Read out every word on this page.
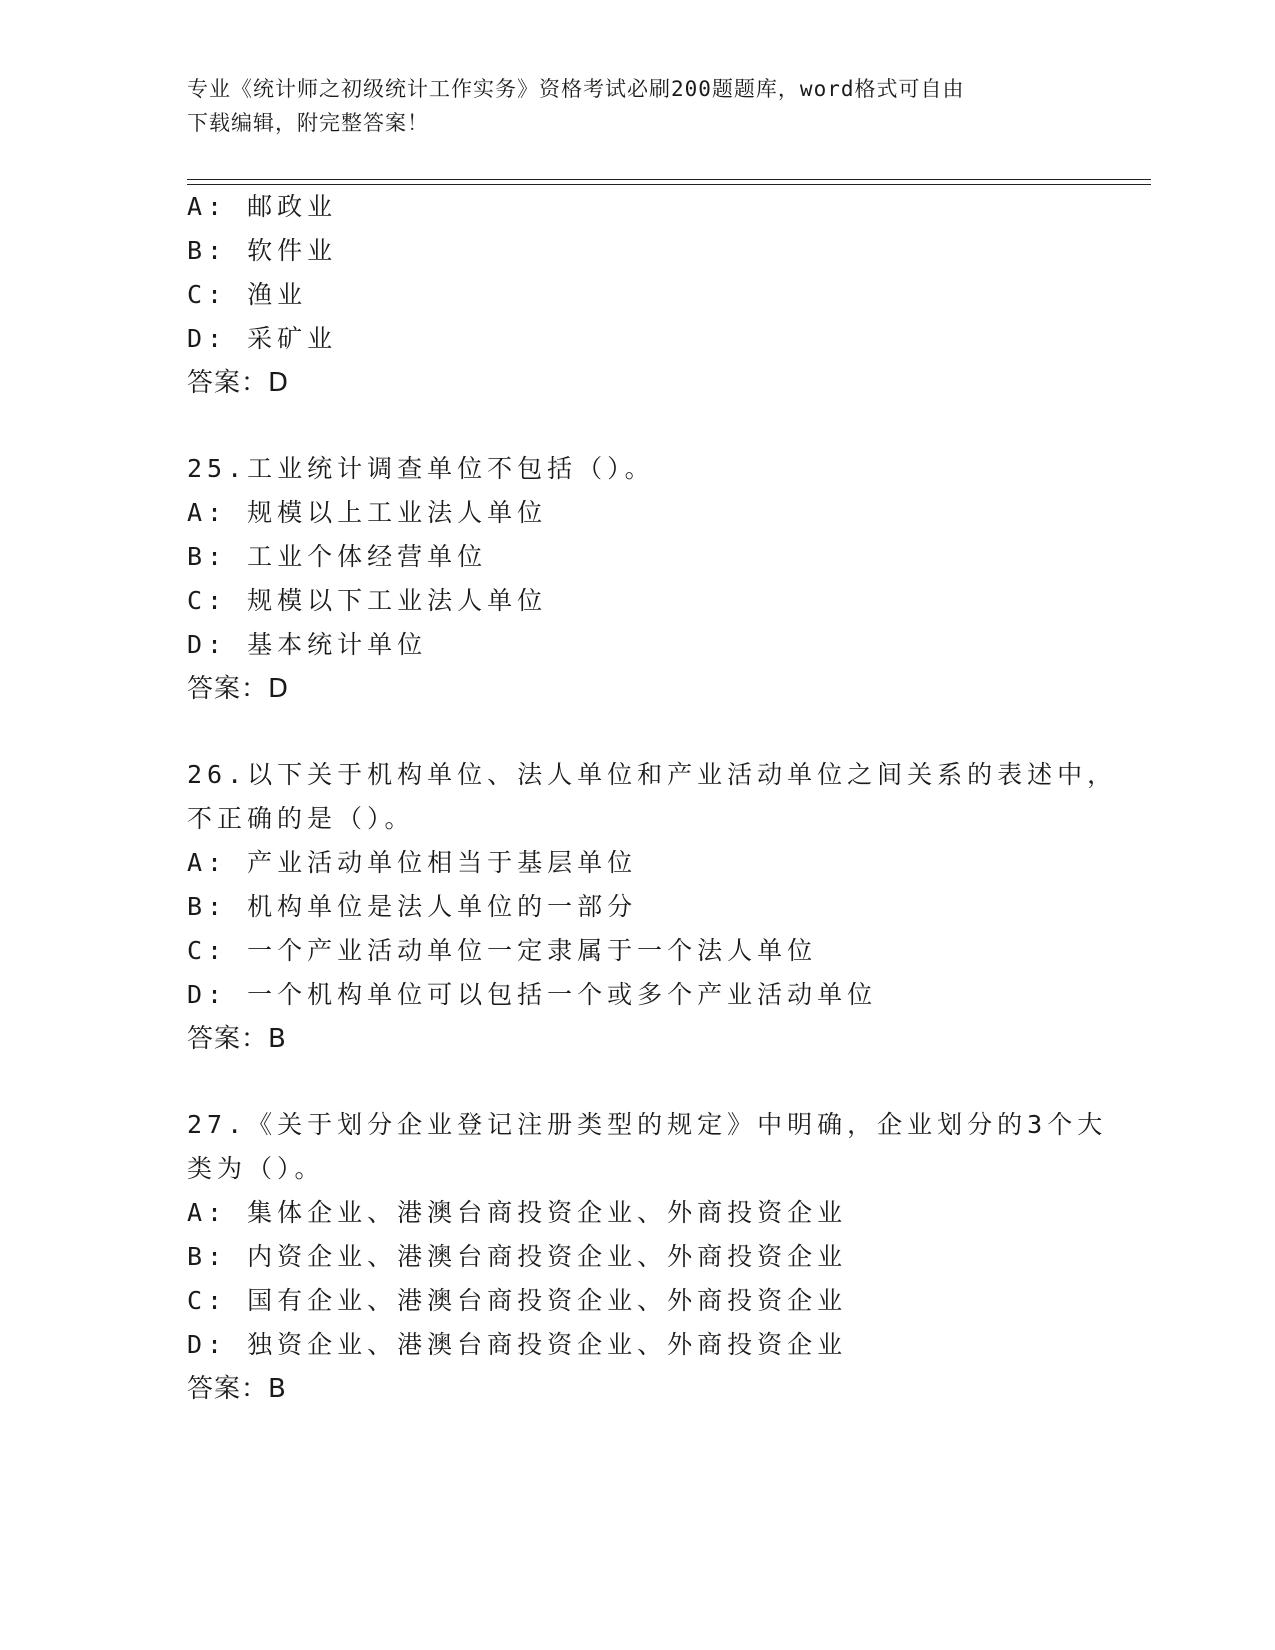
专业《统计师之初级统计工作实务》资格考试必刷200题题库，word格式可自由
下载编辑，附完整答案！
A: 邮政业
B: 软件业
C: 渔业
D: 采矿业
答案：D
25.工业统计调查单位不包括（）。
A: 规模以上工业法人单位
B: 工业个体经营单位
C: 规模以下工业法人单位
D: 基本统计单位
答案：D
26.以下关于机构单位、法人单位和产业活动单位之间关系的表述中，
不正确的是（）。
A: 产业活动单位相当于基层单位
B: 机构单位是法人单位的一部分
C: 一个产业活动单位一定隶属于一个法人单位
D: 一个机构单位可以包括一个或多个产业活动单位
答案：B
27.《关于划分企业登记注册类型的规定》中明确，企业划分的3个大
类为（）。
A: 集体企业、港澳台商投资企业、外商投资企业
B: 内资企业、港澳台商投资企业、外商投资企业
C: 国有企业、港澳台商投资企业、外商投资企业
D: 独资企业、港澳台商投资企业、外商投资企业
答案：B
